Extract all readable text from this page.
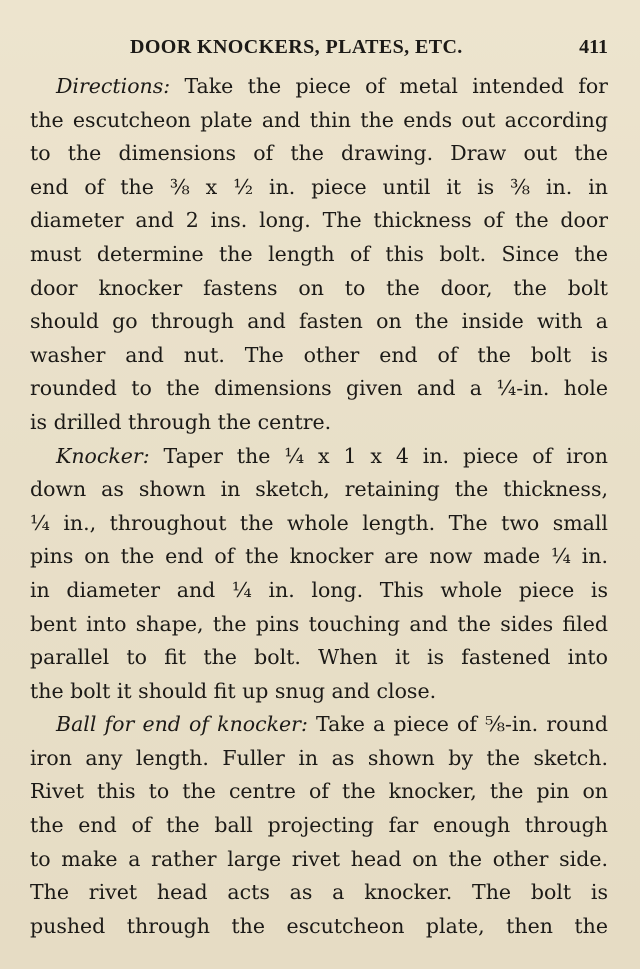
DOOR KNOCKERS, PLATES, ETC.	411
Directions: Take the piece of metal intended for
the escutcheon plate and thin the ends out according
to the dimensions of the drawing. Draw out the
end of the ⅜ x ½ in. piece until it is ⅜ in. in
diameter and 2 ins. long. The thickness of the door
must determine the length of this bolt. Since the
door knocker fastens on to the door, the bolt
should go through and fasten on the inside with a
washer and nut. The other end of the bolt is
rounded to the dimensions given and a ¼-in. hole
is drilled through the centre.
Knocker: Taper the ¼ x 1 x 4 in. piece of iron
down as shown in sketch, retaining the thickness,
¼ in., throughout the whole length. The two small
pins on the end of the knocker are now made ¼ in.
in diameter and ¼ in. long. This whole piece is
bent into shape, the pins touching and the sides filed
parallel to fit the bolt. When it is fastened into
the bolt it should fit up snug and close.
Ball for end of knocker: Take a piece of ⅝-in. round
iron any length. Fuller in as shown by the sketch.
Rivet this to the centre of the knocker, the pin on
the end of the ball projecting far enough through
to make a rather large rivet head on the other side.
The rivet head acts as a knocker. The bolt is
pushed through the escutcheon plate, then the
